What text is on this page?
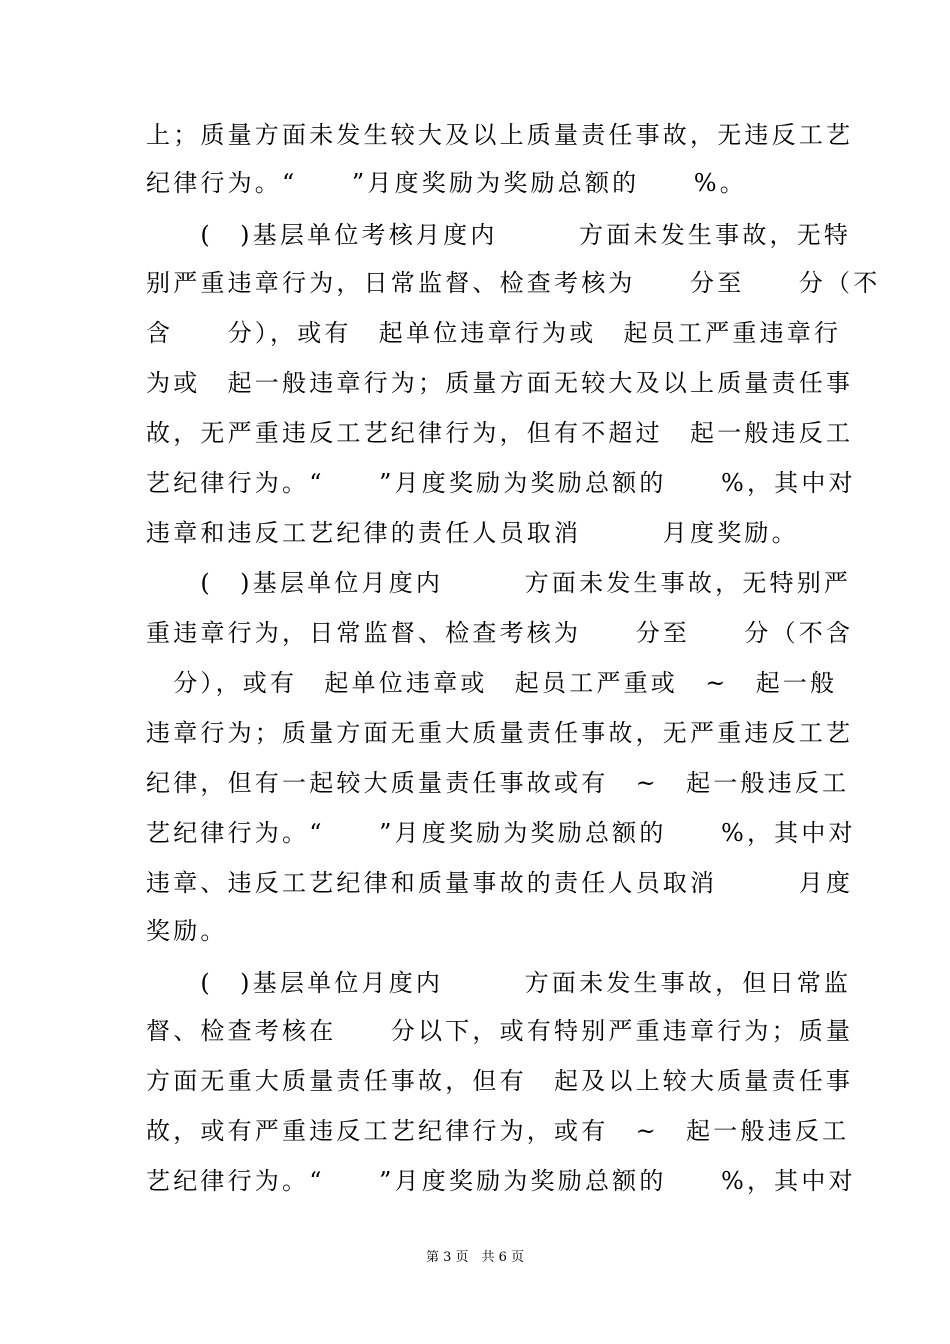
上；质量方面未发生较大及以上质量责任事故，无违反工艺
纪律行为。“　　”月度奖励为奖励总额的　　%。
　　(　)基层单位考核月度内　　　方面未发生事故，无特
别严重违章行为，日常监督、检查考核为　　分至　　分（不
含　　分），或有　起单位违章行为或　起员工严重违章行
为或　起一般违章行为；质量方面无较大及以上质量责任事
故，无严重违反工艺纪律行为，但有不超过　起一般违反工
艺纪律行为。“　　”月度奖励为奖励总额的　　%，其中对
违章和违反工艺纪律的责任人员取消　　　月度奖励。
　　(　)基层单位月度内　　　方面未发生事故，无特别严
重违章行为，日常监督、检查考核为　　分至　　分（不含
　分），或有　起单位违章或　起员工严重或　~　起一般
违章行为；质量方面无重大质量责任事故，无严重违反工艺
纪律，但有一起较大质量责任事故或有　~　起一般违反工
艺纪律行为。“　　”月度奖励为奖励总额的　　%，其中对
违章、违反工艺纪律和质量事故的责任人员取消　　　月度
奖励。
　　(　)基层单位月度内　　　方面未发生事故，但日常监
督、检查考核在　　分以下，或有特别严重违章行为；质量
方面无重大质量责任事故，但有　起及以上较大质量责任事
故，或有严重违反工艺纪律行为，或有　~　起一般违反工
艺纪律行为。“　　”月度奖励为奖励总额的　　%，其中对
第 3 页　共 6 页
